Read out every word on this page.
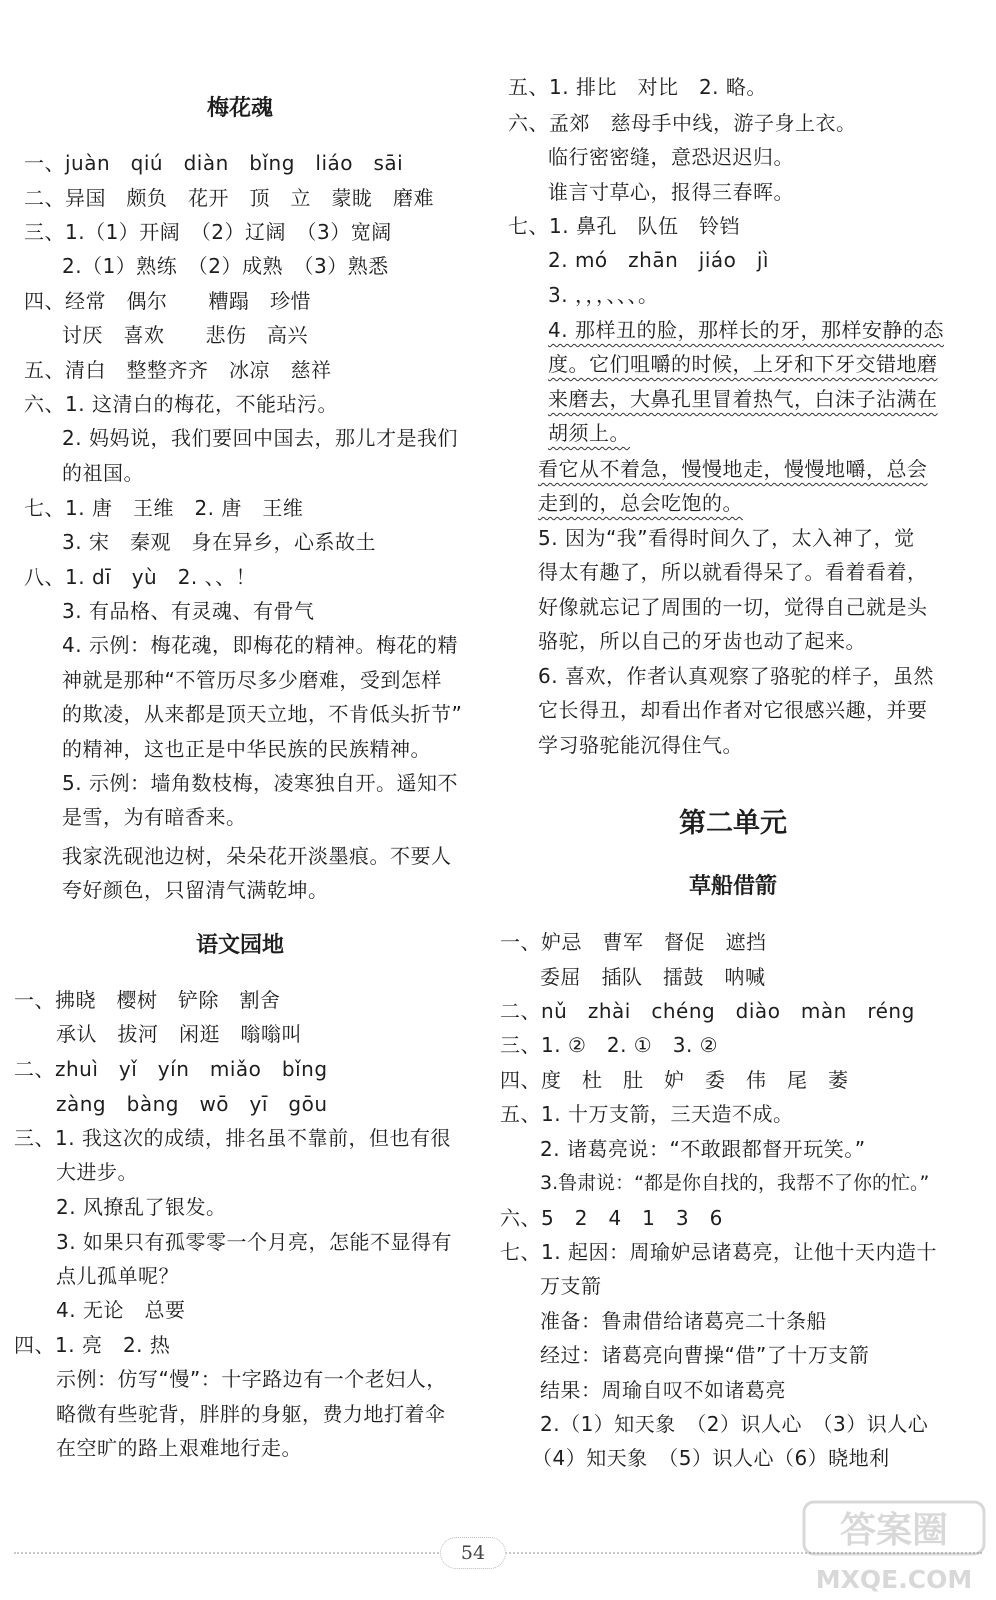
梅花魂
一、juàn　qiú　diàn　bǐng　liáo　sāi
二、异国　颇负　花开　顶　立　蒙眬　磨难
三、1.（1）开阔　（2）辽阔　（3）宽阔
2.（1）熟练　（2）成熟　（3）熟悉
四、经常　偶尔　　糟蹋　珍惜
讨厌　喜欢　　悲伤　高兴
五、清白　整整齐齐　冰凉　慈祥
六、1. 这清白的梅花，不能玷污。
2. 妈妈说，我们要回中国去，那儿才是我们
的祖国。
七、1. 唐　王维　2. 唐　王维
3. 宋　秦观　身在异乡，心系故土
八、1. dī　yù　2. 、、！
3. 有品格、有灵魂、有骨气
4. 示例：梅花魂，即梅花的精神。梅花的精
神就是那种“不管历尽多少磨难，受到怎样
的欺凌，从来都是顶天立地，不肯低头折节”
的精神，这也正是中华民族的民族精神。
5. 示例：墙角数枝梅，凌寒独自开。遥知不
是雪，为有暗香来。
我家洗砚池边树，朵朵花开淡墨痕。不要人
夸好颜色，只留清气满乾坤。
语文园地
一、拂晓　樱树　铲除　割舍
承认　拔河　闲逛　嗡嗡叫
二、zhuì　yǐ　yín　miǎo　bǐng
zàng　bàng　wō　yī　gōu
三、1. 我这次的成绩，排名虽不靠前，但也有很
大进步。
2. 风撩乱了银发。
3. 如果只有孤零零一个月亮，怎能不显得有
点儿孤单呢？
4. 无论　总要
四、1. 亮　2. 热
示例：仿写“慢”：十字路边有一个老妇人，
略微有些驼背，胖胖的身躯，费力地打着伞
在空旷的路上艰难地行走。
五、1. 排比　对比　2. 略。
六、孟郊　慈母手中线，游子身上衣。
临行密密缝，意恐迟迟归。
谁言寸草心，报得三春晖。
七、1. 鼻孔　队伍　铃铛
2. mó　zhān　jiáo　jì
3. ，，，、、、。
4. 那样丑的脸，那样长的牙，那样安静的态
度。它们咀嚼的时候，上牙和下牙交错地磨
来磨去，大鼻孔里冒着热气，白沫子沾满在
胡须上。
看它从不着急，慢慢地走，慢慢地嚼，总会
走到的，总会吃饱的。
5. 因为“我”看得时间久了，太入神了，觉
得太有趣了，所以就看得呆了。看着看着，
好像就忘记了周围的一切，觉得自己就是头
骆驼，所以自己的牙齿也动了起来。
6. 喜欢，作者认真观察了骆驼的样子，虽然
它长得丑，却看出作者对它很感兴趣，并要
学习骆驼能沉得住气。
第二单元
草船借箭
一、妒忌　曹军　督促　遮挡
委屈　插队　擂鼓　呐喊
二、nǔ　zhài　chéng　diào　màn　réng
三、1. ②　2. ①　3. ②
四、度　杜　肚　妒　委　伟　尾　萎
五、1. 十万支箭，三天造不成。
2. 诸葛亮说：“不敢跟都督开玩笑。”
3.鲁肃说：“都是你自找的，我帮不了你的忙。”
六、5　2　4　1　3　6
七、1. 起因：周瑜妒忌诸葛亮，让他十天内造十
万支箭
准备：鲁肃借给诸葛亮二十条船
经过：诸葛亮向曹操“借”了十万支箭
结果：周瑜自叹不如诸葛亮
2.（1）知天象　（2）识人心　（3）识人心
（4）知天象　（5）识人心（6）晓地利
54
答案圈
MXQE.COM
